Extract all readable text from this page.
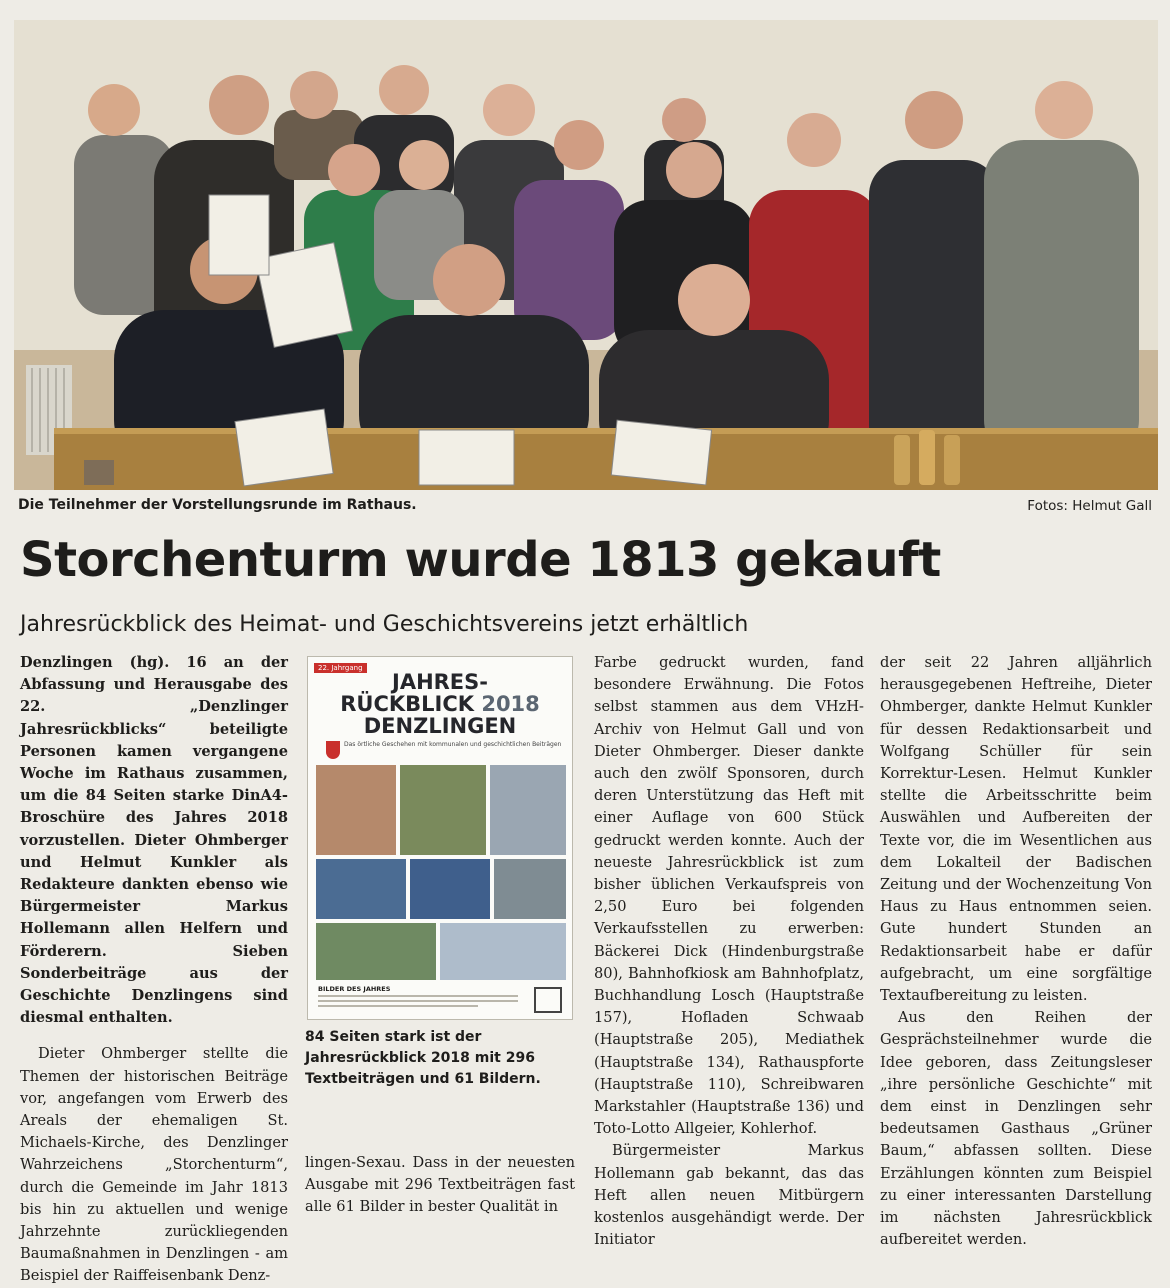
Die Teilnehmer der Vorstellungsrunde im Rathaus.	Fotos: Helmut Gall
Storchenturm wurde 1813 gekauft
Jahresrückblick des Heimat- und Geschichtsvereins jetzt erhältlich

Denzlingen (hg). 16 an der Abfassung und Herausgabe des 22. „Denzlinger Jahresrückblicks“ beteiligte Personen kamen vergangene Woche im Rathaus zusammen, um die 84 Seiten starke DinA4-Broschüre des Jahres 2018 vorzustellen. Dieter Ohmberger und Helmut Kunkler als Redakteure dankten ebenso wie Bürgermeister Markus Hollemann allen Helfern und Förderern. Sieben Sonderbeiträge aus der Geschichte Denzlingens sind diesmal enthalten.

Dieter Ohmberger stellte die Themen der historischen Beiträge vor, angefangen vom Erwerb des Areals der ehemaligen St. Michaels-Kirche, des Denzlinger Wahrzeichens „Storchenturm“, durch die Gemeinde im Jahr 1813 bis hin zu aktuellen und wenige Jahrzehnte zurückliegenden Baumaßnahmen in Denzlingen - am Beispiel der Raiffeisenbank Denz-

22. Jahrgang
JAHRES-
RÜCKBLICK 2018
DENZLINGEN
Das örtliche Geschehen mit kommunalen und geschichtlichen Beiträgen
BILDER DES JAHRES
84 Seiten stark ist der Jahresrückblick 2018 mit 296 Textbeiträgen und 61 Bildern.

lingen-Sexau. Dass in der neuesten Ausgabe mit 296 Textbeiträgen fast alle 61 Bilder in bester Qualität in

Farbe gedruckt wurden, fand besondere Erwähnung. Die Fotos selbst stammen aus dem VHzH-Archiv von Helmut Gall und von Dieter Ohmberger. Dieser dankte auch den zwölf Sponsoren, durch deren Unterstützung das Heft mit einer Auflage von 600 Stück gedruckt werden konnte. Auch der neueste Jahresrückblick ist zum bisher üblichen Verkaufspreis von 2,50 Euro bei folgenden Verkaufsstellen zu erwerben: Bäckerei Dick (Hindenburgstraße 80), Bahnhofkiosk am Bahnhofplatz, Buchhandlung Losch (Hauptstraße 157), Hofladen Schwaab (Hauptstraße 205), Mediathek (Hauptstraße 134), Rathauspforte (Hauptstraße 110), Schreibwaren Markstahler (Hauptstraße 136) und Toto-Lotto Allgeier, Kohlerhof.

Bürgermeister Markus Hollemann gab bekannt, das das Heft allen neuen Mitbürgern kostenlos ausgehändigt werde. Der Initiator

der seit 22 Jahren alljährlich herausgegebenen Heftreihe, Dieter Ohmberger, dankte Helmut Kunkler für dessen Redaktionsarbeit und Wolfgang Schüller für sein Korrektur-Lesen. Helmut Kunkler stellte die Arbeitsschritte beim Auswählen und Aufbereiten der Texte vor, die im Wesentlichen aus dem Lokalteil der Badischen Zeitung und der Wochenzeitung Von Haus zu Haus entnommen seien. Gute hundert Stunden an Redaktionsarbeit habe er dafür aufgebracht, um eine sorgfältige Textaufbereitung zu leisten.

Aus den Reihen der Gesprächsteilnehmer wurde die Idee geboren, dass Zeitungsleser „ihre persönliche Geschichte“ mit dem einst in Denzlingen sehr bedeutsamen Gasthaus „Grüner Baum,“ abfassen sollten. Diese Erzählungen könnten zum Beispiel zu einer interessanten Darstellung im nächsten Jahresrückblick aufbereitet werden.
